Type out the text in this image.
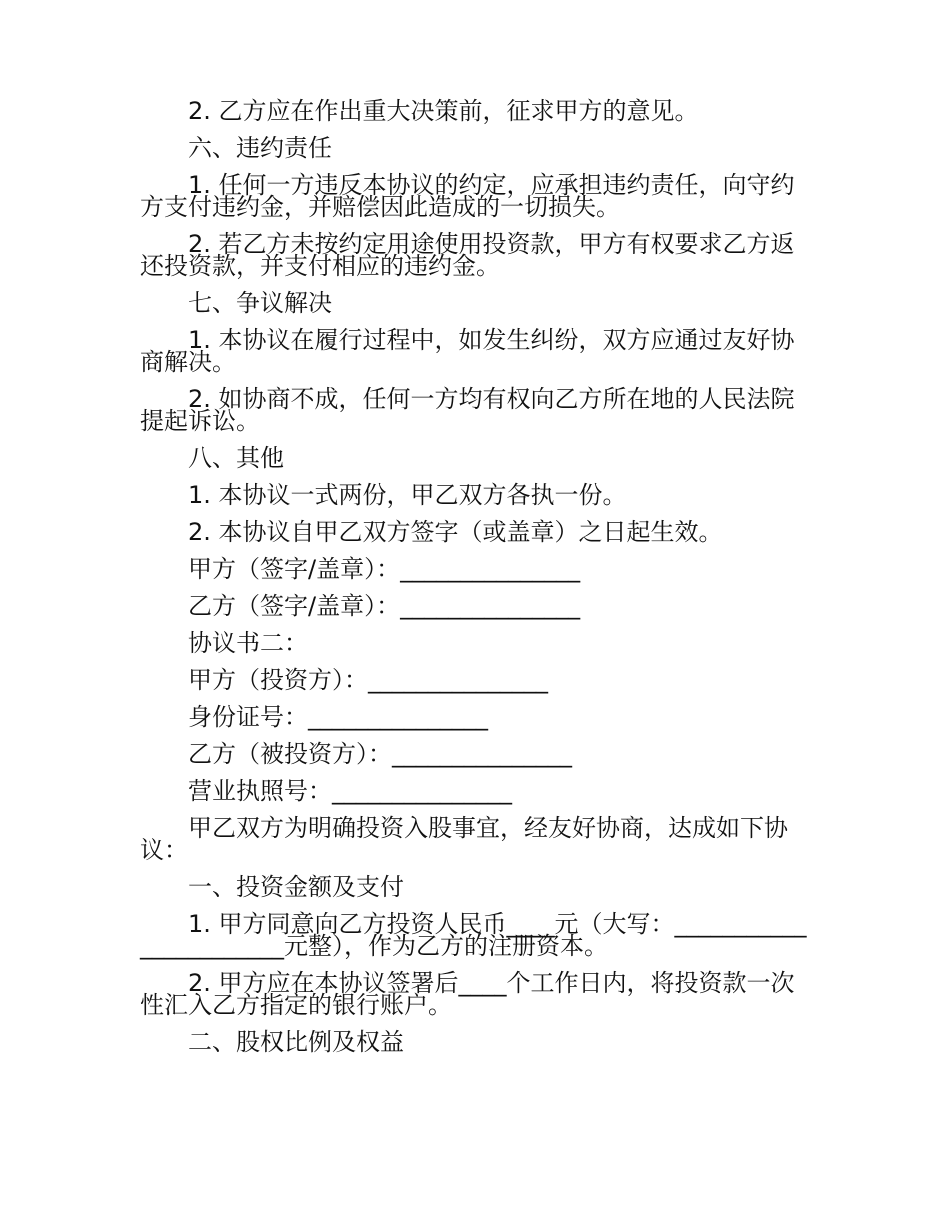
2. 乙方应在作出重大决策前，征求甲方的意见。

六、违约责任

1. 任何一方违反本协议的约定，应承担违约责任，向守约方支付违约金，并赔偿因此造成的一切损失。

2. 若乙方未按约定用途使用投资款，甲方有权要求乙方返还投资款，并支付相应的违约金。

七、争议解决

1. 本协议在履行过程中，如发生纠纷，双方应通过友好协商解决。

2. 如协商不成，任何一方均有权向乙方所在地的人民法院提起诉讼。

八、其他

1. 本协议一式两份，甲乙双方各执一份。

2. 本协议自甲乙双方签字（或盖章）之日起生效。

甲方（签字/盖章）：_______________

乙方（签字/盖章）：_______________

协议书二：

甲方（投资方）：_______________

身份证号：_______________

乙方（被投资方）：_______________

营业执照号：_______________

甲乙双方为明确投资入股事宜，经友好协商，达成如下协议：

一、投资金额及支付

1. 甲方同意向乙方投资人民币____元（大写：_______________________元整），作为乙方的注册资本。

2. 甲方应在本协议签署后____个工作日内，将投资款一次性汇入乙方指定的银行账户。

二、股权比例及权益
